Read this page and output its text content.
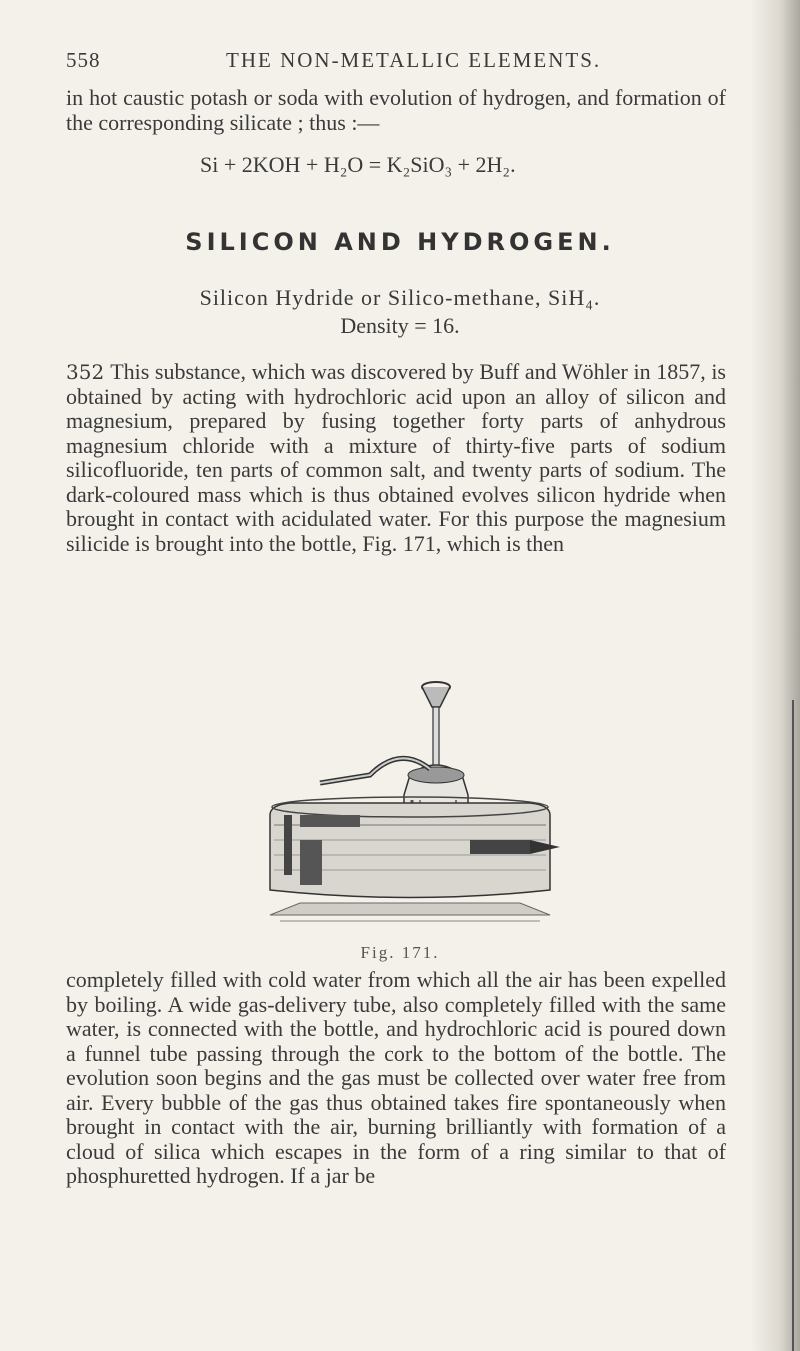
558	THE NON-METALLIC ELEMENTS.

in hot caustic potash or soda with evolution of hydrogen, and formation of the corresponding silicate ; thus :—

Si + 2KOH + H₂O = K₂SiO₃ + 2H₂.
SILICON AND HYDROGEN.
Silicon Hydride or Silico-methane, SiH₄.
Density = 16.

352 This substance, which was discovered by Buff and Wöhler in 1857, is obtained by acting with hydrochloric acid upon an alloy of silicon and magnesium, prepared by fusing together forty parts of anhydrous magnesium chloride with a mixture of thirty-five parts of sodium silicofluoride, ten parts of common salt, and twenty parts of sodium. The dark-coloured mass which is thus obtained evolves silicon hydride when brought in contact with acidulated water. For this purpose the magnesium silicide is brought into the bottle, Fig. 171, which is then

Fig. 171.

completely filled with cold water from which all the air has been expelled by boiling. A wide gas-delivery tube, also completely filled with the same water, is connected with the bottle, and hydrochloric acid is poured down a funnel tube passing through the cork to the bottom of the bottle. The evolution soon begins and the gas must be collected over water free from air. Every bubble of the gas thus obtained takes fire spontaneously when brought in contact with the air, burning brilliantly with formation of a cloud of silica which escapes in the form of a ring similar to that of phosphuretted hydrogen. If a jar be
